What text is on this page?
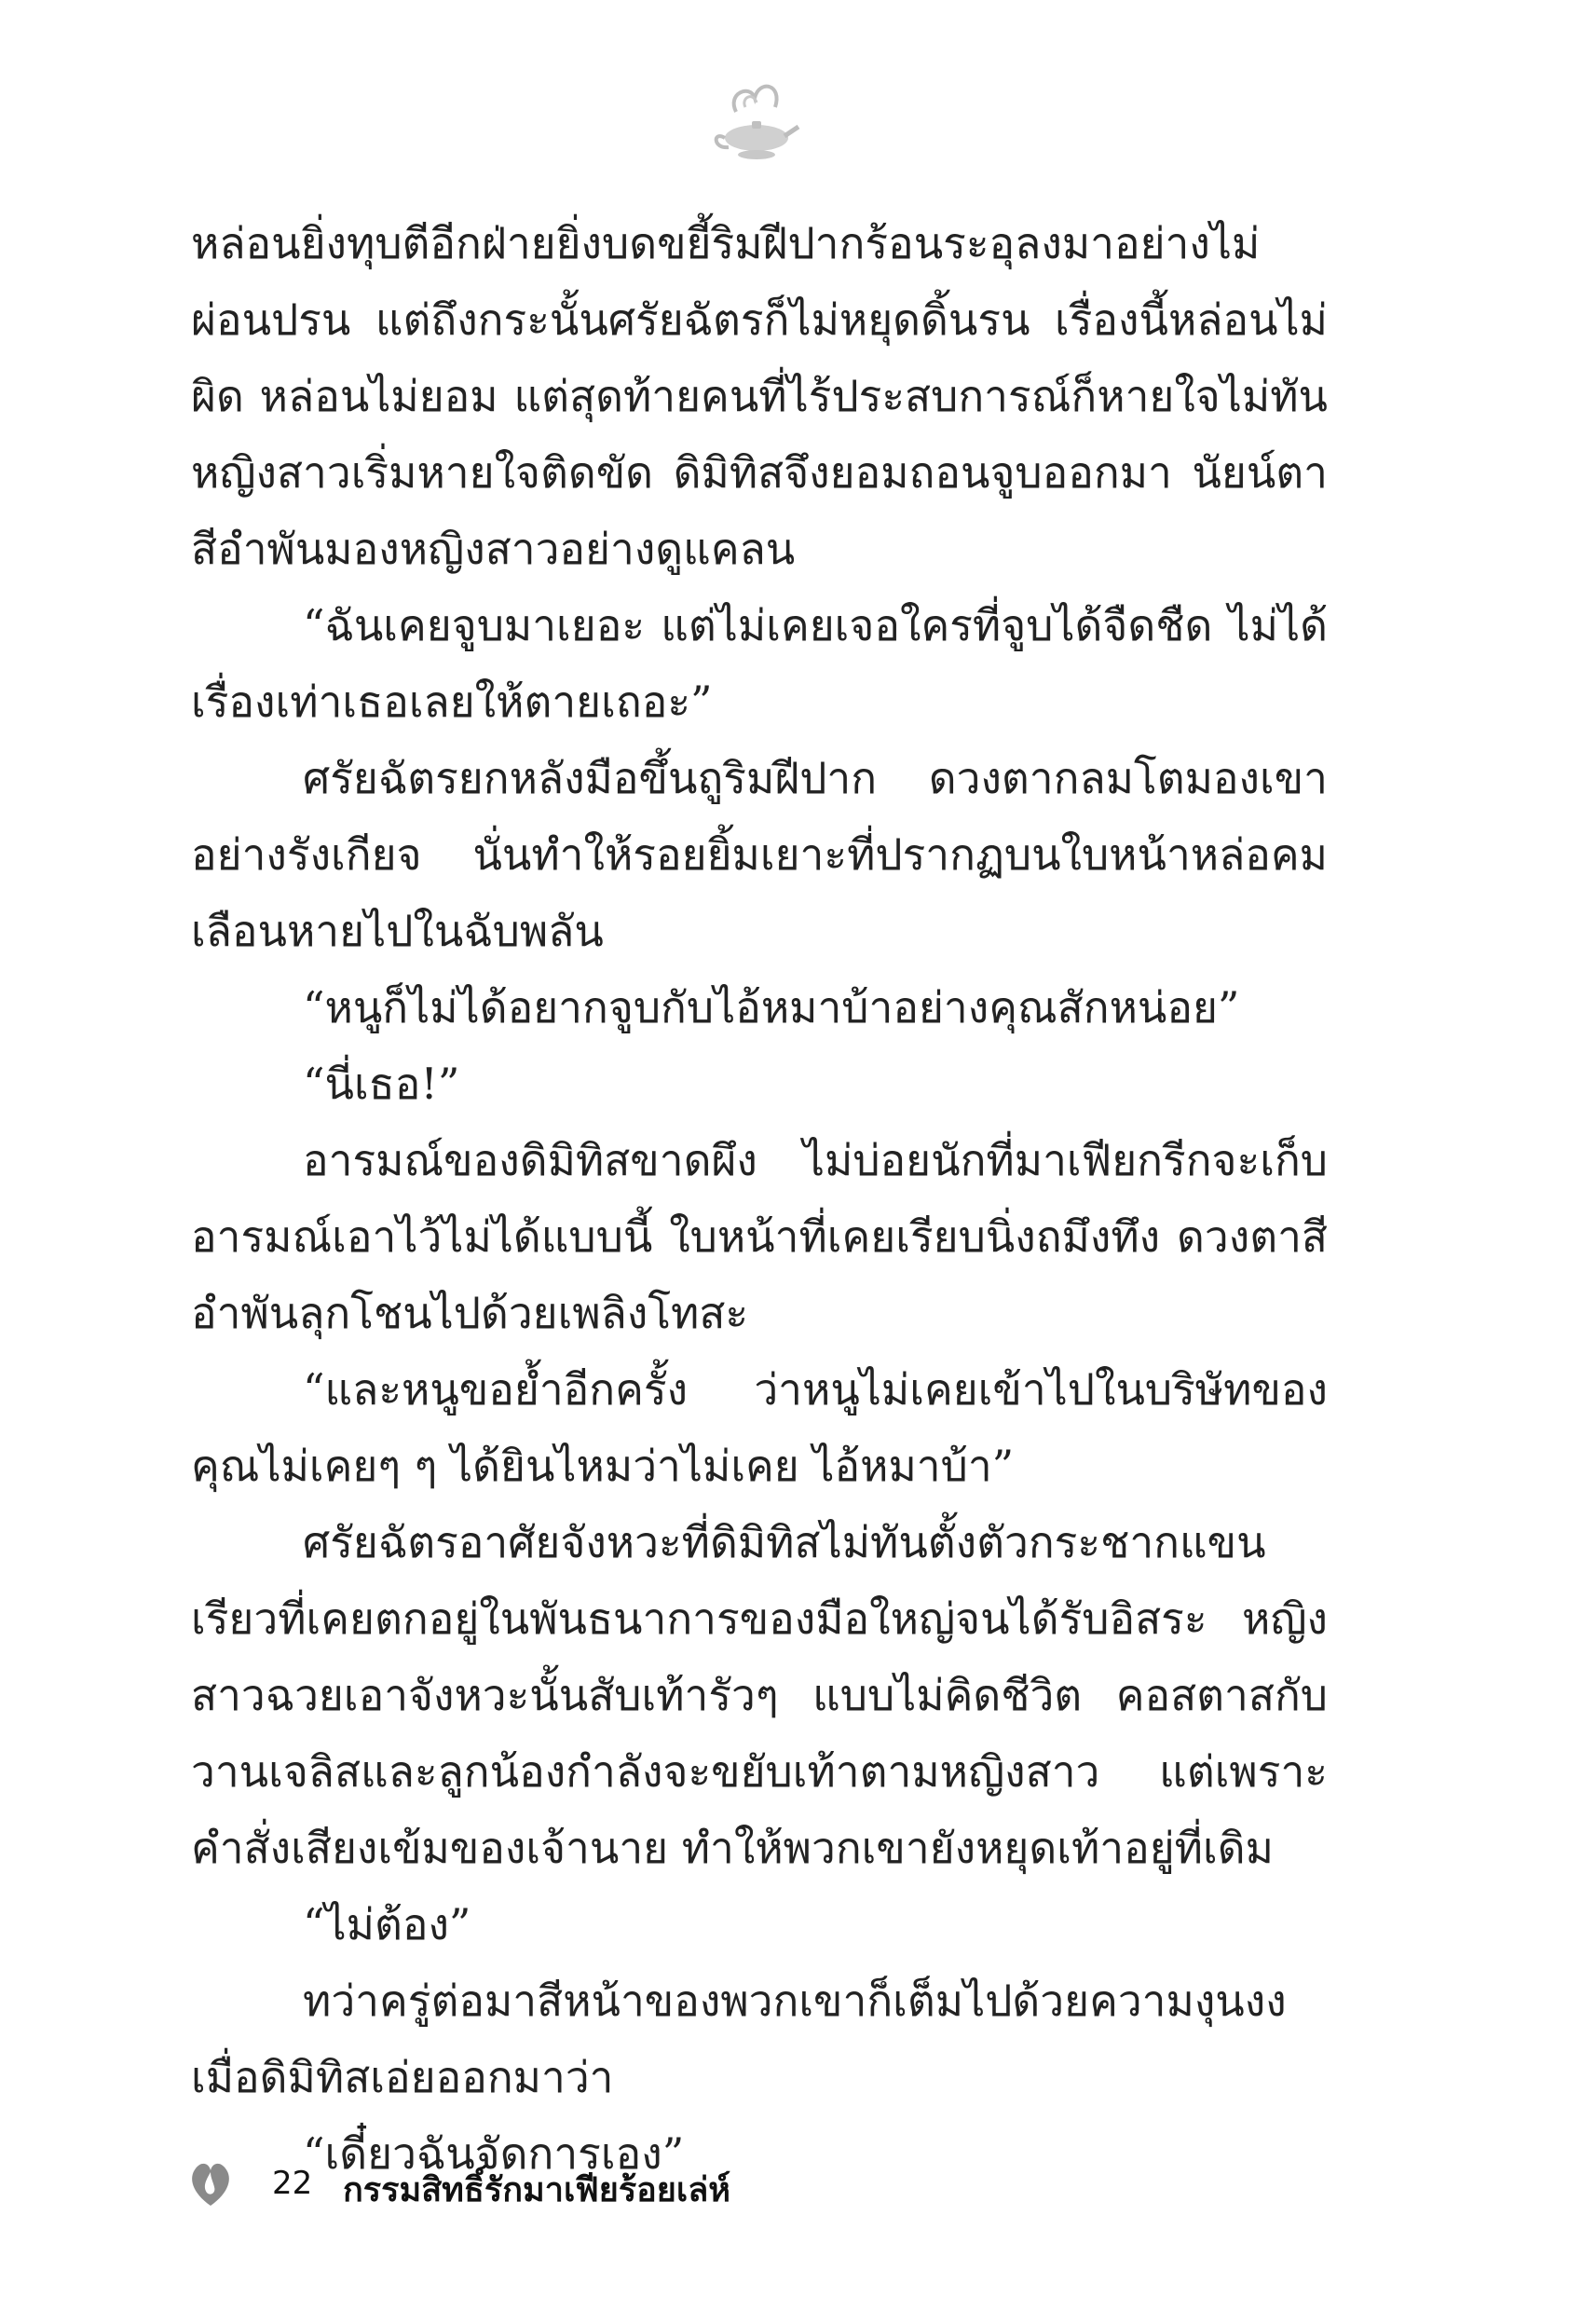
หล่อนยิ่งทุบตีอีกฝ่ายยิ่งบดขยี้ริมฝีปากร้อนระอุลงมาอย่างไม่ผ่อนปรน แต่ถึงกระนั้นศรัยฉัตรก็ไม่หยุดดิ้นรน เรื่องนี้หล่อนไม่ผิด หล่อนไม่ยอม แต่สุดท้ายคนที่ไร้ประสบการณ์ก็หายใจไม่ทันหญิงสาวเริ่มหายใจติดขัด ดิมิทิสจึงยอมถอนจูบออกมา นัยน์ตาสีอำพันมองหญิงสาวอย่างดูแคลน

“ฉันเคยจูบมาเยอะ แต่ไม่เคยเจอใครที่จูบได้จืดชืด ไม่ได้เรื่องเท่าเธอเลยให้ตายเถอะ”

ศรัยฉัตรยกหลังมือขึ้นถูริมฝีปาก ดวงตากลมโตมองเขาอย่างรังเกียจ นั่นทำให้รอยยิ้มเยาะที่ปรากฏบนใบหน้าหล่อคมเลือนหายไปในฉับพลัน

“หนูก็ไม่ได้อยากจูบกับไอ้หมาบ้าอย่างคุณสักหน่อย”

“นี่เธอ!”

อารมณ์ของดิมิทิสขาดผึง ไม่บ่อยนักที่มาเฟียกรีกจะเก็บอารมณ์เอาไว้ไม่ได้แบบนี้ ใบหน้าที่เคยเรียบนิ่งถมึงทึง ดวงตาสีอำพันลุกโชนไปด้วยเพลิงโทสะ

“และหนูขอย้ำอีกครั้ง ว่าหนูไม่เคยเข้าไปในบริษัทของคุณไม่เคยๆ ๆ ได้ยินไหมว่าไม่เคย ไอ้หมาบ้า”

ศรัยฉัตรอาศัยจังหวะที่ดิมิทิสไม่ทันตั้งตัวกระชากแขนเรียวที่เคยตกอยู่ในพันธนาการของมือใหญ่จนได้รับอิสระ หญิงสาวฉวยเอาจังหวะนั้นสับเท้ารัวๆ แบบไม่คิดชีวิต คอสตาสกับวานเจลิสและลูกน้องกำลังจะขยับเท้าตามหญิงสาว แต่เพราะคำสั่งเสียงเข้มของเจ้านาย ทำให้พวกเขายังหยุดเท้าอยู่ที่เดิม

“ไม่ต้อง”

ทว่าครู่ต่อมาสีหน้าของพวกเขาก็เต็มไปด้วยความงุนงงเมื่อดิมิทิสเอ่ยออกมาว่า

“เดี๋ยวฉันจัดการเอง”

22 กรรมสิทธิ์รักมาเฟียร้อยเล่ห์
